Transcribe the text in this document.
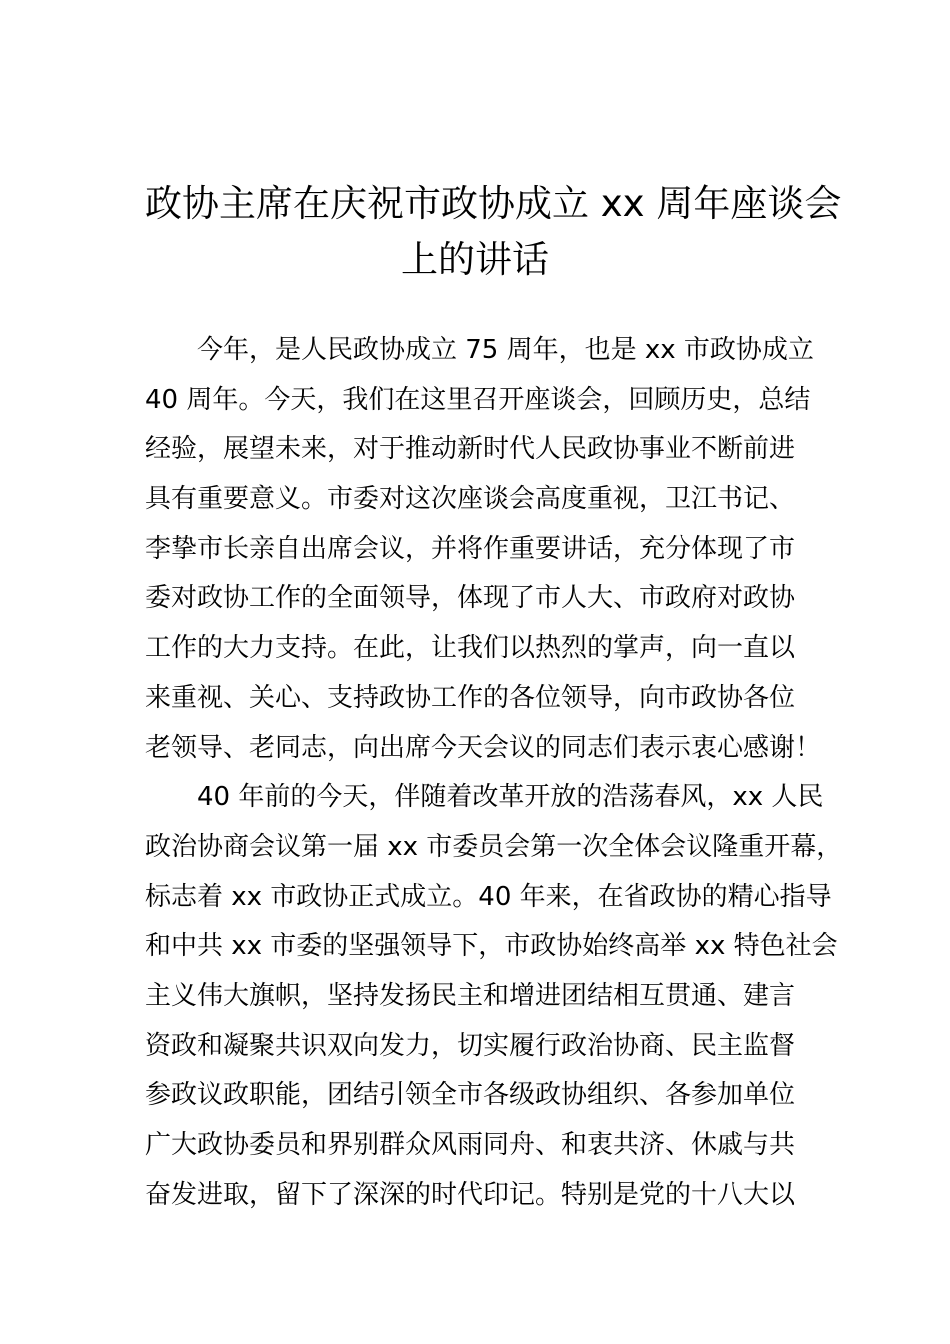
政协主席在庆祝市政协成立 xx 周年座谈会
上的讲话
今年，是人民政协成立 75 周年，也是 xx 市政协成立
40 周年。今天，我们在这里召开座谈会，回顾历史，总结
经验，展望未来，对于推动新时代人民政协事业不断前进
具有重要意义。市委对这次座谈会高度重视，卫江书记、
李挚市长亲自出席会议，并将作重要讲话，充分体现了市
委对政协工作的全面领导，体现了市人大、市政府对政协
工作的大力支持。在此，让我们以热烈的掌声，向一直以
来重视、关心、支持政协工作的各位领导，向市政协各位
老领导、老同志，向出席今天会议的同志们表示衷心感谢！
40 年前的今天，伴随着改革开放的浩荡春风，xx 人民
政治协商会议第一届 xx 市委员会第一次全体会议隆重开幕，
标志着 xx 市政协正式成立。40 年来，在省政协的精心指导
和中共 xx 市委的坚强领导下，市政协始终高举 xx 特色社会
主义伟大旗帜，坚持发扬民主和增进团结相互贯通、建言
资政和凝聚共识双向发力，切实履行政治协商、民主监督
参政议政职能，团结引领全市各级政协组织、各参加单位
广大政协委员和界别群众风雨同舟、和衷共济、休戚与共
奋发进取，留下了深深的时代印记。特别是党的十八大以
